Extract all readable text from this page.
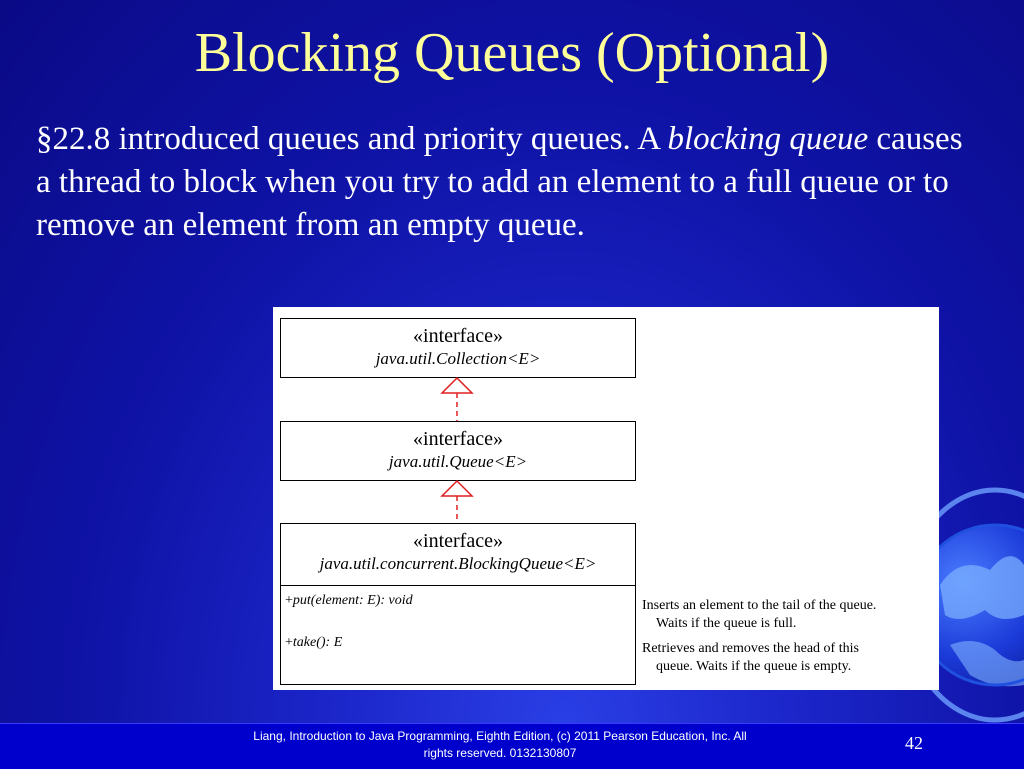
Blocking Queues (Optional)
§22.8 introduced queues and priority queues. A blocking queue causes a thread to block when you try to add an element to a full queue or to remove an element from an empty queue.
«interface»
java.util.Collection<E>
«interface»
java.util.Queue<E>
«interface»
java.util.concurrent.BlockingQueue<E>
+put(element: E): void
+take(): E
Inserts an element to the tail of the queue.
Waits if the queue is full.
Retrieves and removes the head of this
queue. Waits if the queue is empty.
Liang, Introduction to Java Programming, Eighth Edition, (c) 2011 Pearson Education, Inc. All
rights reserved. 0132130807	42
